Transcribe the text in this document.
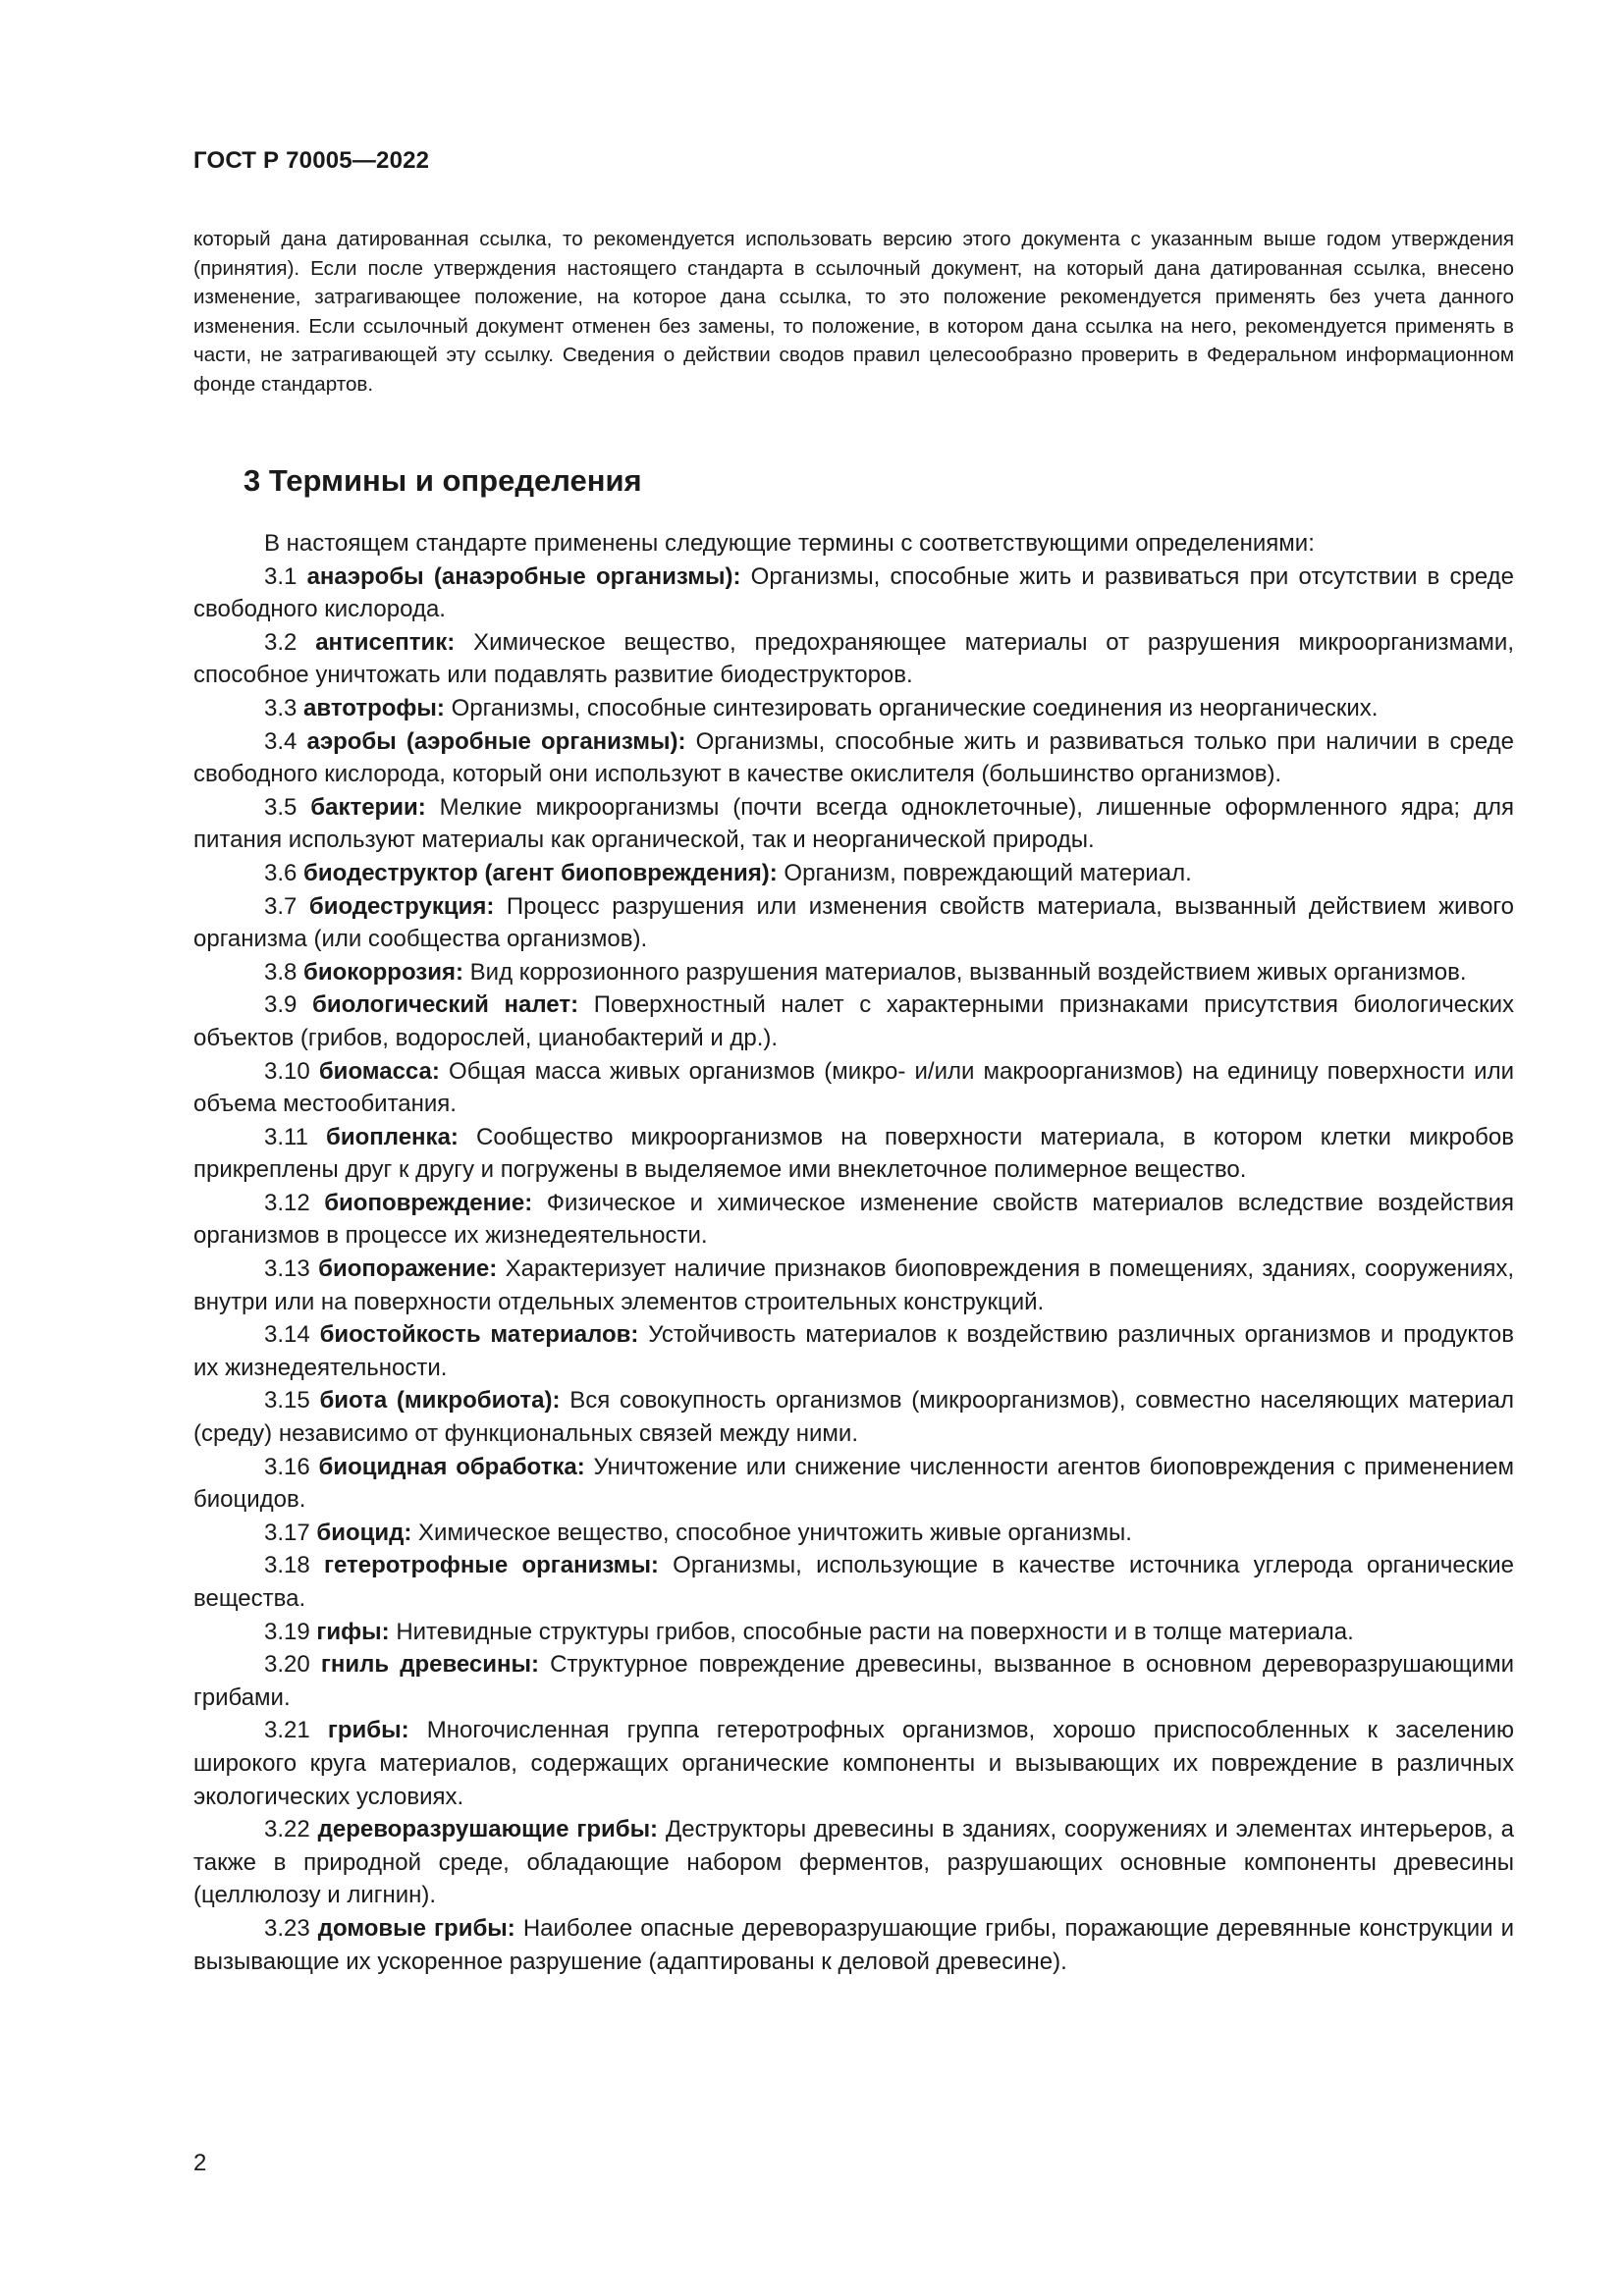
ГОСТ Р 70005—2022

который дана датированная ссылка, то рекомендуется использовать версию этого документа с указанным выше годом утверждения (принятия). Если после утверждения настоящего стандарта в ссылочный документ, на который дана датированная ссылка, внесено изменение, затрагивающее положение, на которое дана ссылка, то это положение рекомендуется применять без учета данного изменения. Если ссылочный документ отменен без замены, то положение, в котором дана ссылка на него, рекомендуется применять в части, не затрагивающей эту ссылку. Сведения о действии сводов правил целесообразно проверить в Федеральном информационном фонде стандартов.

3 Термины и определения

В настоящем стандарте применены следующие термины с соответствующими определениями:

3.1 анаэробы (анаэробные организмы): Организмы, способные жить и развиваться при отсутствии в среде свободного кислорода.

3.2 антисептик: Химическое вещество, предохраняющее материалы от разрушения микроорганизмами, способное уничтожать или подавлять развитие биодеструкторов.

3.3 автотрофы: Организмы, способные синтезировать органические соединения из неорганических.

3.4 аэробы (аэробные организмы): Организмы, способные жить и развиваться только при наличии в среде свободного кислорода, который они используют в качестве окислителя (большинство организмов).

3.5 бактерии: Мелкие микроорганизмы (почти всегда одноклеточные), лишенные оформленного ядра; для питания используют материалы как органической, так и неорганической природы.

3.6 биодеструктор (агент биоповреждения): Организм, повреждающий материал.

3.7 биодеструкция: Процесс разрушения или изменения свойств материала, вызванный действием живого организма (или сообщества организмов).

3.8 биокоррозия: Вид коррозионного разрушения материалов, вызванный воздействием живых организмов.

3.9 биологический налет: Поверхностный налет с характерными признаками присутствия биологических объектов (грибов, водорослей, цианобактерий и др.).

3.10 биомасса: Общая масса живых организмов (микро- и/или макроорганизмов) на единицу поверхности или объема местообитания.

3.11 биопленка: Сообщество микроорганизмов на поверхности материала, в котором клетки микробов прикреплены друг к другу и погружены в выделяемое ими внеклеточное полимерное вещество.

3.12 биоповреждение: Физическое и химическое изменение свойств материалов вследствие воздействия организмов в процессе их жизнедеятельности.

3.13 биопоражение: Характеризует наличие признаков биоповреждения в помещениях, зданиях, сооружениях, внутри или на поверхности отдельных элементов строительных конструкций.

3.14 биостойкость материалов: Устойчивость материалов к воздействию различных организмов и продуктов их жизнедеятельности.

3.15 биота (микробиота): Вся совокупность организмов (микроорганизмов), совместно населяющих материал (среду) независимо от функциональных связей между ними.

3.16 биоцидная обработка: Уничтожение или снижение численности агентов биоповреждения с применением биоцидов.

3.17 биоцид: Химическое вещество, способное уничтожить живые организмы.

3.18 гетеротрофные организмы: Организмы, использующие в качестве источника углерода органические вещества.

3.19 гифы: Нитевидные структуры грибов, способные расти на поверхности и в толще материала.

3.20 гниль древесины: Структурное повреждение древесины, вызванное в основном дереворазрушающими грибами.

3.21 грибы: Многочисленная группа гетеротрофных организмов, хорошо приспособленных к заселению широкого круга материалов, содержащих органические компоненты и вызывающих их повреждение в различных экологических условиях.

3.22 дереворазрушающие грибы: Деструкторы древесины в зданиях, сооружениях и элементах интерьеров, а также в природной среде, обладающие набором ферментов, разрушающих основные компоненты древесины (целлюлозу и лигнин).

3.23 домовые грибы: Наиболее опасные дереворазрушающие грибы, поражающие деревянные конструкции и вызывающие их ускоренное разрушение (адаптированы к деловой древесине).

2
